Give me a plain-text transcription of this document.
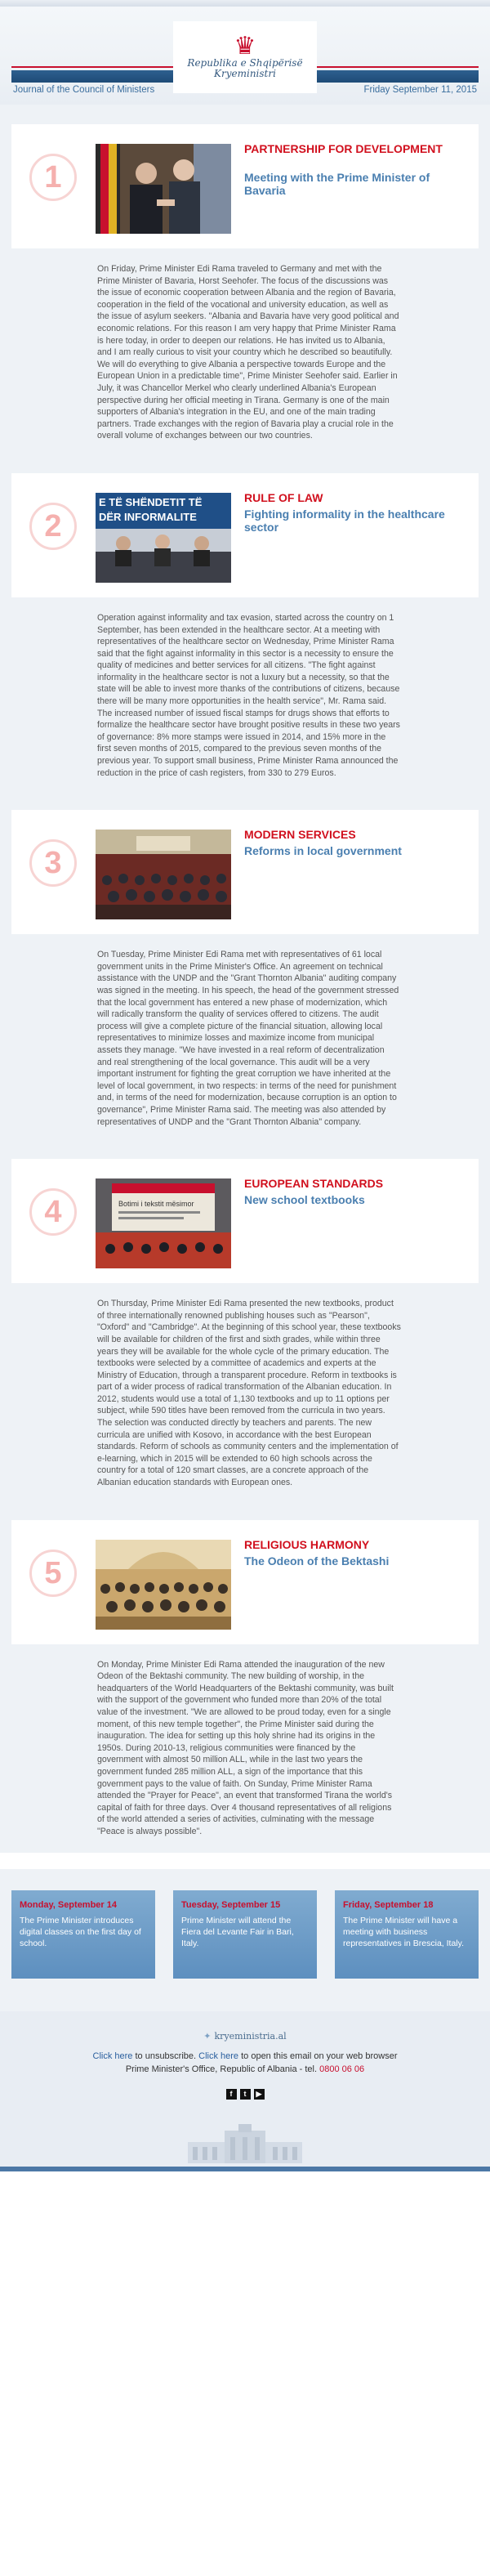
♛
Republika e Shqipërisë Kryeministri
Journal of the Council of Ministers	Friday September 11, 2015
1
PARTNERSHIP FOR DEVELOPMENT
Meeting with the Prime Minister of Bavaria
On Friday, Prime Minister Edi Rama traveled to Germany and met with the Prime Minister of Bavaria, Horst Seehofer. The focus of the discussions was the issue of economic cooperation between Albania and the region of Bavaria, cooperation in the field of the vocational and university education, as well as the issue of asylum seekers. "Albania and Bavaria have very good political and economic relations. For this reason I am very happy that Prime Minister Rama is here today, in order to deepen our relations. He has invited us to Albania, and I am really curious to visit your country which he described so beautifully. We will do everything to give Albania a perspective towards Europe and the European Union in a predictable time", Prime Minister Seehofer said. Earlier in July, it was Chancellor Merkel who clearly underlined Albania's European perspective during her official meeting in Tirana. Germany is one of the main supporters of Albania's integration in the EU, and one of the main trading partners. Trade exchanges with the region of Bavaria play a crucial role in the overall volume of exchanges between our two countries.
2
E TË SHËNDETIT TË
DËR INFORMALITE
RULE OF LAW
Fighting informality in the healthcare sector
Operation against informality and tax evasion, started across the country on 1 September, has been extended in the healthcare sector. At a meeting with representatives of the healthcare sector on Wednesday, Prime Minister Rama said that the fight against informality in this sector is a necessity to ensure the quality of medicines and better services for all citizens. "The fight against informality in the healthcare sector is not a luxury but a necessity, so that the state will be able to invest more thanks of the contributions of citizens, because there will be many more opportunities in the health service", Mr. Rama said. The increased number of issued fiscal stamps for drugs shows that efforts to formalize the healthcare sector have brought positive results in these two years of governance: 8% more stamps were issued in 2014, and 15% more in the first seven months of 2015, compared to the previous seven months of the previous year. To support small business, Prime Minister Rama announced the reduction in the price of cash registers, from 330 to 279 Euros.
3
MODERN SERVICES
Reforms in local government
On Tuesday, Prime Minister Edi Rama met with representatives of 61 local government units in the Prime Minister's Office. An agreement on technical assistance with the UNDP and the "Grant Thornton Albania" auditing company was signed in the meeting. In his speech, the head of the government stressed that the local government has entered a new phase of modernization, which will radically transform the quality of services offered to citizens. The audit process will give a complete picture of the financial situation, allowing local representatives to minimize losses and maximize income from municipal assets they manage. "We have invested in a real reform of decentralization and real strengthening of the local governance. This audit will be a very important instrument for fighting the great corruption we have inherited at the level of local government, in two respects: in terms of the need for punishment and, in terms of the need for modernization, because corruption is an option to governance", Prime Minister Rama said. The meeting was also attended by representatives of UNDP and the "Grant Thornton Albania" company.
4	Botimi i tekstit mësimor
EUROPEAN STANDARDS
New school textbooks
On Thursday, Prime Minister Edi Rama presented the new textbooks, product of three internationally renowned publishing houses such as "Pearson", "Oxford" and "Cambridge". At the beginning of this school year, these textbooks will be available for children of the first and sixth grades, while within three years they will be available for the whole cycle of the primary education. The textbooks were selected by a committee of academics and experts at the Ministry of Education, through a transparent procedure. Reform in textbooks is part of a wider process of radical transformation of the Albanian education. In 2012, students would use a total of 1,130 textbooks and up to 11 options per subject, while 590 titles have been removed from the curricula in two years. The selection was conducted directly by teachers and parents. The new curricula are unified with Kosovo, in accordance with the best European standards. Reform of schools as community centers and the implementation of e-learning, which in 2015 will be extended to 60 high schools across the country for a total of 120 smart classes, are a concrete approach of the Albanian education standards with European ones.
5
RELIGIOUS HARMONY
The Odeon of the Bektashi
On Monday, Prime Minister Edi Rama attended the inauguration of the new Odeon of the Bektashi community. The new building of worship, in the headquarters of the World Headquarters of the Bektashi community, was built with the support of the government who funded more than 20% of the total value of the investment. "We are allowed to be proud today, even for a single moment, of this new temple together", the Prime Minister said during the inauguration. The idea for setting up this holy shrine had its origins in the 1950s. During 2010-13, religious communities were financed by the government with almost 50 million ALL, while in the last two years the government funded 285 million ALL, a sign of the importance that this government pays to the value of faith. On Sunday, Prime Minister Rama attended the "Prayer for Peace", an event that transformed Tirana the world's capital of faith for three days. Over 4 thousand representatives of all religions of the world attended a series of activities, culminating with the message "Peace is always possible".
Monday, September 14
The Prime Minister introduces digital classes on the first day of school.
Tuesday, September 15
Prime Minister will attend the Fiera del Levante Fair in Bari, Italy.
Friday, September 18
The Prime Minister will have a meeting with business representatives in Brescia, Italy.
✦ kryeministria.al
Click here to unsubscribe. Click here to open this email on your web browser
Prime Minister's Office, Republic of Albania - tel. 0800 06 06
f	t	▶
